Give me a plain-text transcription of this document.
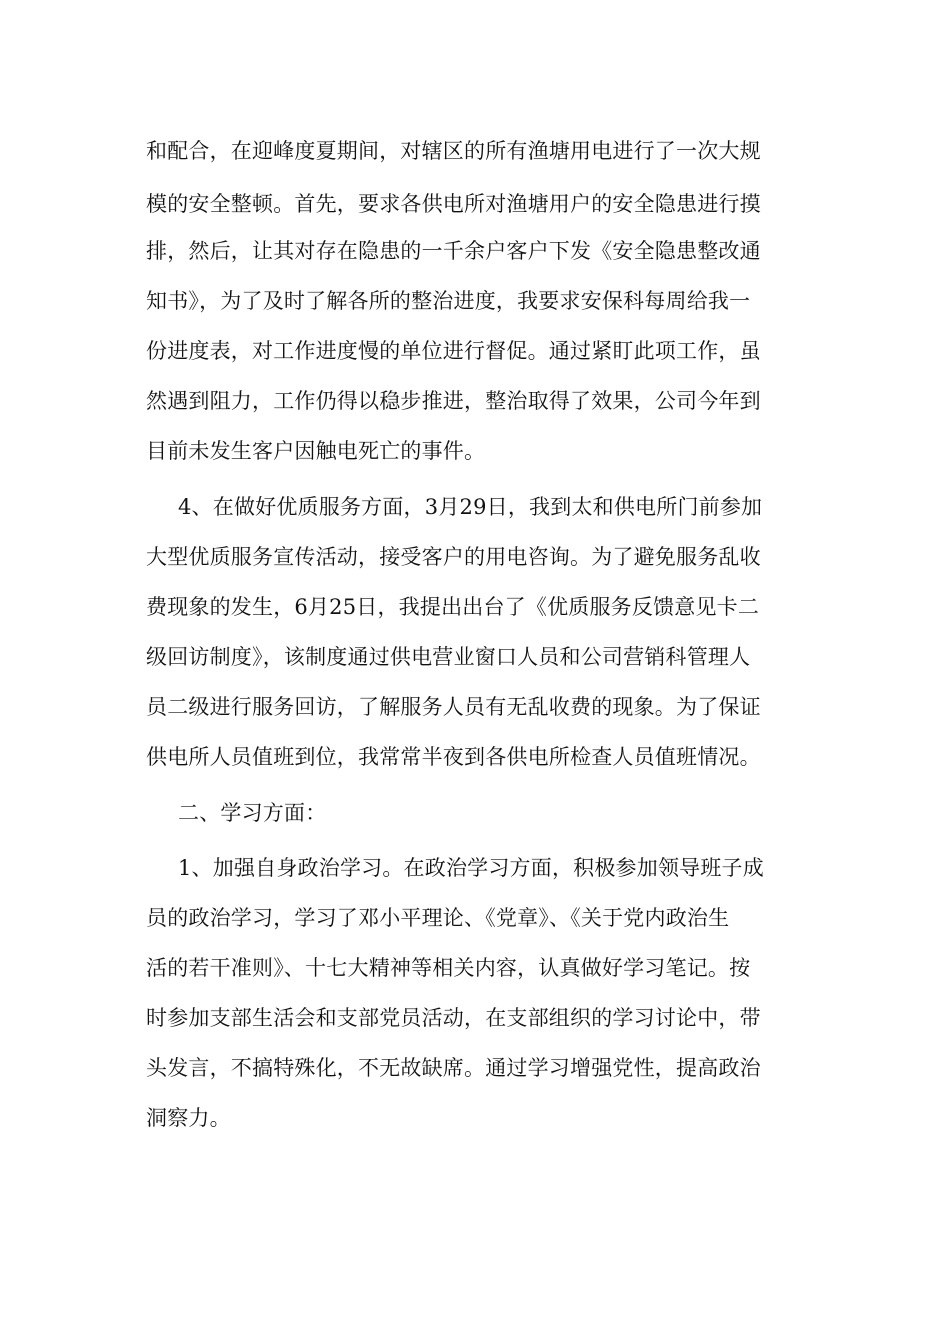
和配合，在迎峰度夏期间，对辖区的所有渔塘用电进行了一次大规
模的安全整顿。首先，要求各供电所对渔塘用户的安全隐患进行摸
排，然后，让其对存在隐患的一千余户客户下发《安全隐患整改通
知书》，为了及时了解各所的整治进度，我要求安保科每周给我一
份进度表，对工作进度慢的单位进行督促。通过紧盯此项工作，虽
然遇到阻力，工作仍得以稳步推进，整治取得了效果，公司今年到
目前未发生客户因触电死亡的事件。
4、在做好优质服务方面，3月29日，我到太和供电所门前参加
大型优质服务宣传活动，接受客户的用电咨询。为了避免服务乱收
费现象的发生，6月25日，我提出出台了《优质服务反馈意见卡二
级回访制度》，该制度通过供电营业窗口人员和公司营销科管理人
员二级进行服务回访，了解服务人员有无乱收费的现象。为了保证
供电所人员值班到位，我常常半夜到各供电所检查人员值班情况。
二、学习方面：
1、加强自身政治学习。在政治学习方面，积极参加领导班子成
员的政治学习，学习了邓小平理论、《党章》、《关于党内政治生
活的若干准则》、十七大精神等相关内容，认真做好学习笔记。按
时参加支部生活会和支部党员活动，在支部组织的学习讨论中，带
头发言，不搞特殊化，不无故缺席。通过学习增强党性，提高政治
洞察力。
